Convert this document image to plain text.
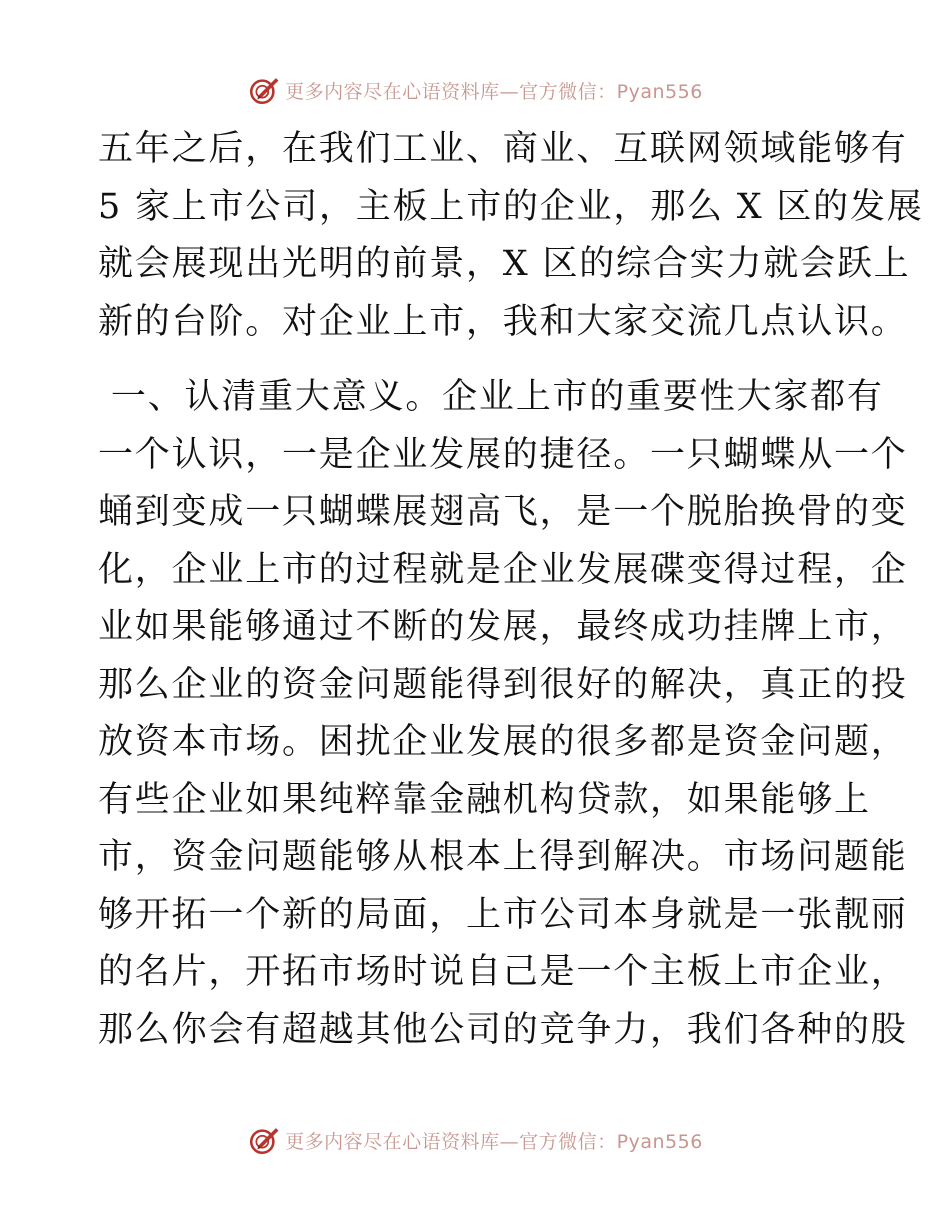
更多内容尽在心语资料库—官方微信：Pyan556
五年之后，在我们工业、商业、互联网领域能够有
5 家上市公司，主板上市的企业，那么 X 区的发展
就会展现出光明的前景，X 区的综合实力就会跃上
新的台阶。对企业上市，我和大家交流几点认识。
一、认清重大意义。企业上市的重要性大家都有
一个认识，一是企业发展的捷径。一只蝴蝶从一个
蛹到变成一只蝴蝶展翅高飞，是一个脱胎换骨的变
化，企业上市的过程就是企业发展碟变得过程，企
业如果能够通过不断的发展，最终成功挂牌上市，
那么企业的资金问题能得到很好的解决，真正的投
放资本市场。困扰企业发展的很多都是资金问题，
有些企业如果纯粹靠金融机构贷款，如果能够上
市，资金问题能够从根本上得到解决。市场问题能
够开拓一个新的局面，上市公司本身就是一张靓丽
的名片，开拓市场时说自己是一个主板上市企业，
那么你会有超越其他公司的竞争力，我们各种的股
更多内容尽在心语资料库—官方微信：Pyan556
